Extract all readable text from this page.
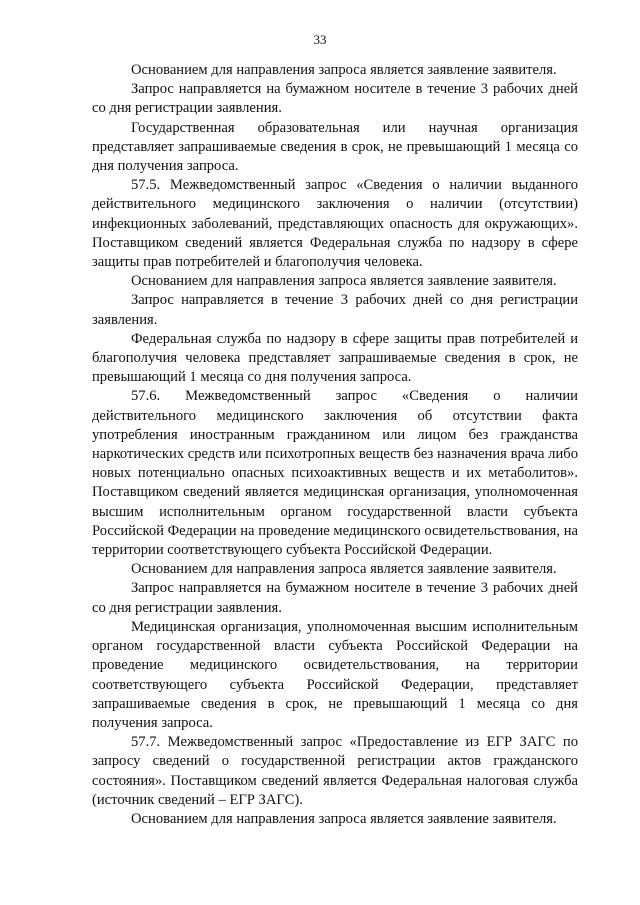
33

Основанием для направления запроса является заявление заявителя.

Запрос направляется на бумажном носителе в течение 3 рабочих дней со дня регистрации заявления.

Государственная образовательная или научная организация представляет запрашиваемые сведения в срок, не превышающий 1 месяца со дня получения запроса.

57.5. Межведомственный запрос «Сведения о наличии выданного действительного медицинского заключения о наличии (отсутствии) инфекционных заболеваний, представляющих опасность для окружающих». Поставщиком сведений является Федеральная служба по надзору в сфере защиты прав потребителей и благополучия человека.

Основанием для направления запроса является заявление заявителя.

Запрос направляется в течение 3 рабочих дней со дня регистрации заявления.

Федеральная служба по надзору в сфере защиты прав потребителей и благополучия человека представляет запрашиваемые сведения в срок, не превышающий 1 месяца со дня получения запроса.

57.6. Межведомственный запрос «Сведения о наличии действительного медицинского заключения об отсутствии факта употребления иностранным гражданином или лицом без гражданства наркотических средств или психотропных веществ без назначения врача либо новых потенциально опасных психоактивных веществ и их метаболитов». Поставщиком сведений является медицинская организация, уполномоченная высшим исполнительным органом государственной власти субъекта Российской Федерации на проведение медицинского освидетельствования, на территории соответствующего субъекта Российской Федерации.

Основанием для направления запроса является заявление заявителя.

Запрос направляется на бумажном носителе в течение 3 рабочих дней со дня регистрации заявления.

Медицинская организация, уполномоченная высшим исполнительным органом государственной власти субъекта Российской Федерации на проведение медицинского освидетельствования, на территории соответствующего субъекта Российской Федерации, представляет запрашиваемые сведения в срок, не превышающий 1 месяца со дня получения запроса.

57.7. Межведомственный запрос «Предоставление из ЕГР ЗАГС по запросу сведений о государственной регистрации актов гражданского состояния». Поставщиком сведений является Федеральная налоговая служба (источник сведений – ЕГР ЗАГС).

Основанием для направления запроса является заявление заявителя.
